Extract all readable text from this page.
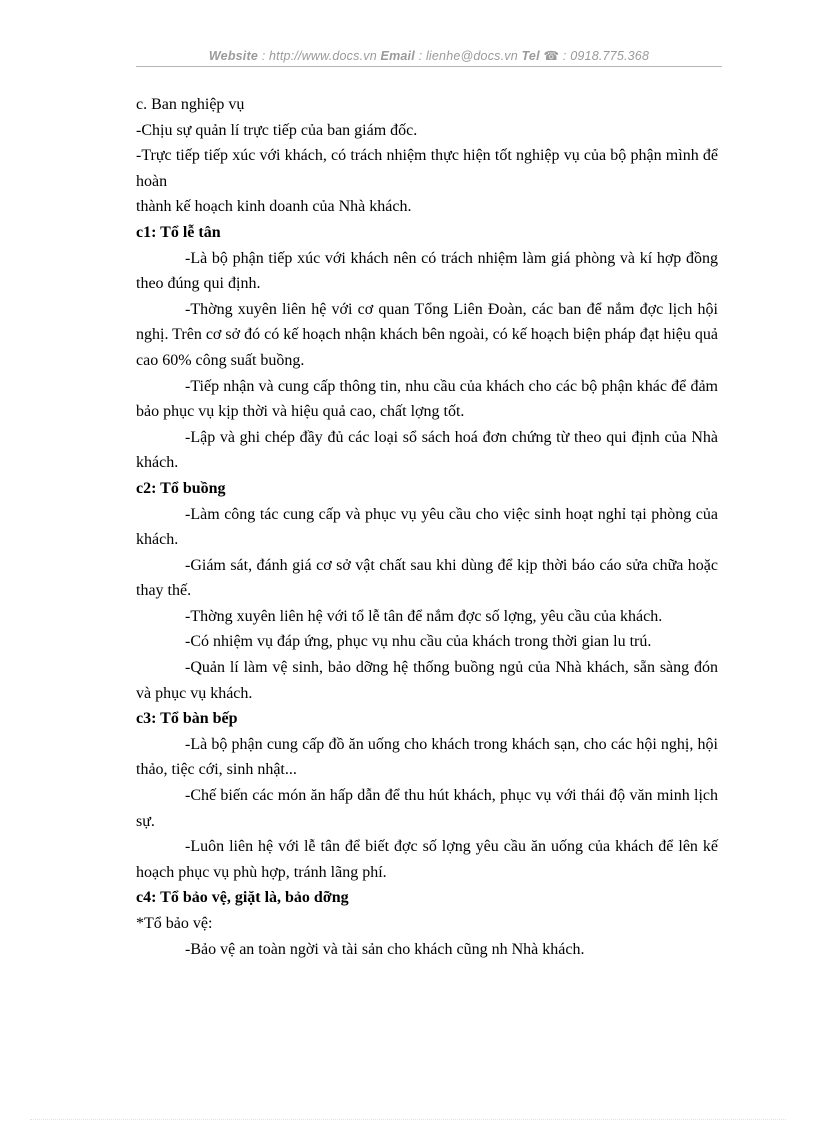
Website : http://www.docs.vn Email : lienhe@docs.vn Tel ☎ : 0918.775.368

c. Ban nghiệp vụ

-Chịu sự quản lí trực tiếp của ban giám đốc.

-Trực tiếp tiếp xúc với khách, có trách nhiệm thực hiện tốt nghiệp vụ của bộ phận mình để hoàn

thành kế hoạch kinh doanh của Nhà khách.

c1: Tổ lễ tân

-Là bộ phận tiếp xúc với khách nên có trách nhiệm làm giá phòng và kí hợp đồng theo đúng qui định.

-Thờng xuyên liên hệ với cơ quan Tổng Liên Đoàn, các ban để nắm đợc lịch hội nghị. Trên cơ sở đó có kế hoạch nhận khách bên ngoài, có kế hoạch biện pháp đạt hiệu quả cao 60% công suất buồng.

-Tiếp nhận và cung cấp thông tin, nhu cầu của khách cho các bộ phận khác để đảm bảo phục vụ kịp thời và hiệu quả cao, chất lợng tốt.

-Lập và ghi chép đầy đủ các loại sổ sách hoá đơn chứng từ theo qui định của Nhà khách.

c2: Tổ buồng

-Làm công tác cung cấp và phục vụ yêu cầu cho việc sinh hoạt nghỉ tại phòng của khách.

-Giám sát, đánh giá cơ sở vật chất sau khi dùng để kịp thời báo cáo sửa chữa hoặc thay thế.

-Thờng xuyên liên hệ với tổ lễ tân để nắm đợc số lợng, yêu cầu của khách.

-Có nhiệm vụ đáp ứng, phục vụ nhu cầu của khách trong thời gian lu trú.

-Quản lí làm vệ sinh, bảo dỡng hệ thống buồng ngủ của Nhà khách, sẵn sàng đón và phục vụ khách.

c3: Tổ bàn bếp

-Là bộ phận cung cấp đồ ăn uống cho khách trong khách sạn, cho các hội nghị, hội thảo, tiệc cới, sinh nhật...

-Chế biến các món ăn hấp dẫn để thu hút khách, phục vụ với thái độ văn minh lịch sự.

-Luôn liên hệ với lễ tân để biết đợc số lợng yêu cầu ăn uống của khách để lên kế hoạch phục vụ phù hợp, tránh lãng phí.

c4: Tổ bảo vệ, giặt là, bảo dỡng

*Tổ bảo vệ:

-Bảo vệ an toàn ngời và tài sản cho khách cũng nh Nhà khách.
